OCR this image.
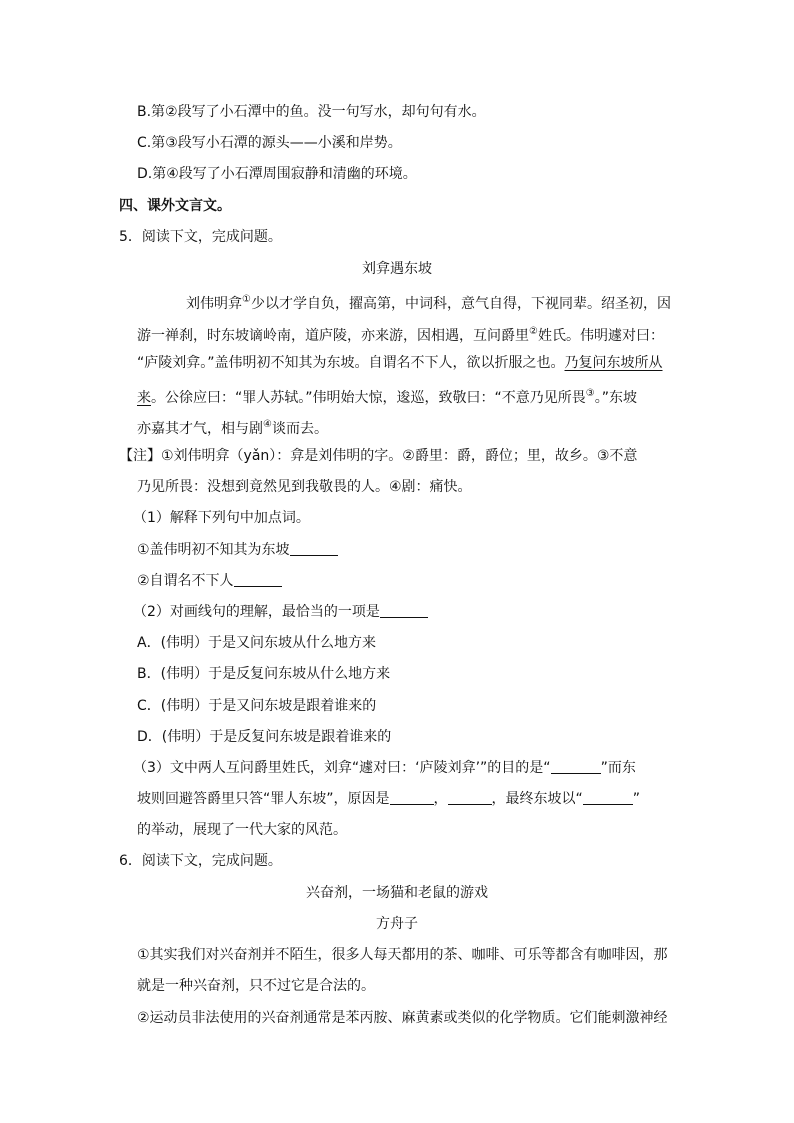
B.第②段写了小石潭中的鱼。没一句写水，却句句有水。
C.第③段写小石潭的源头——小溪和岸势。
D.第④段写了小石潭周围寂静和清幽的环境。
四、课外文言文。
5．阅读下文，完成问题。
刘弇遇东坡
刘伟明弇①少以才学自负，擢高第，中词科，意气自得，下视同辈。绍圣初，因
游一禅刹，时东坡谪岭南，道庐陵，亦来游，因相遇，互问爵里②姓氏。伟明遽对曰：
“庐陵刘弇。”盖伟明初不知其为东坡。自谓名不下人，欲以折服之也。乃复问东坡所从
来。公徐应曰：“罪人苏轼。”伟明始大惊，逡巡，致敬曰：“不意乃见所畏③。”东坡
亦嘉其才气，相与剧④谈而去。
【注】①刘伟明弇（yǎn）：弇是刘伟明的字。②爵里：爵，爵位；里，故乡。③不意
乃见所畏：没想到竟然见到我敬畏的人。④剧：痛快。
（1）解释下列句中加点词。
①盖伟明初不知其为东坡
②自谓名不下人
（2）对画线句的理解，最恰当的一项是
A．(伟明）于是又问东坡从什么地方来
B．(伟明）于是反复问东坡从什么地方来
C．(伟明）于是又问东坡是跟着谁来的
D．(伟明）于是反复问东坡是跟着谁来的
（3）文中两人互问爵里姓氏，刘弇“遽对曰：‘庐陵刘弇’”的目的是“	”而东
坡则回避答爵里只答“罪人东坡”，原因是	，	，最终东坡以“	”
的举动，展现了一代大家的风范。
6．阅读下文，完成问题。
兴奋剂，一场猫和老鼠的游戏
方舟子
①其实我们对兴奋剂并不陌生，很多人每天都用的茶、咖啡、可乐等都含有咖啡因，那
就是一种兴奋剂，只不过它是合法的。
②运动员非法使用的兴奋剂通常是苯丙胺、麻黄素或类似的化学物质。它们能刺激神经
